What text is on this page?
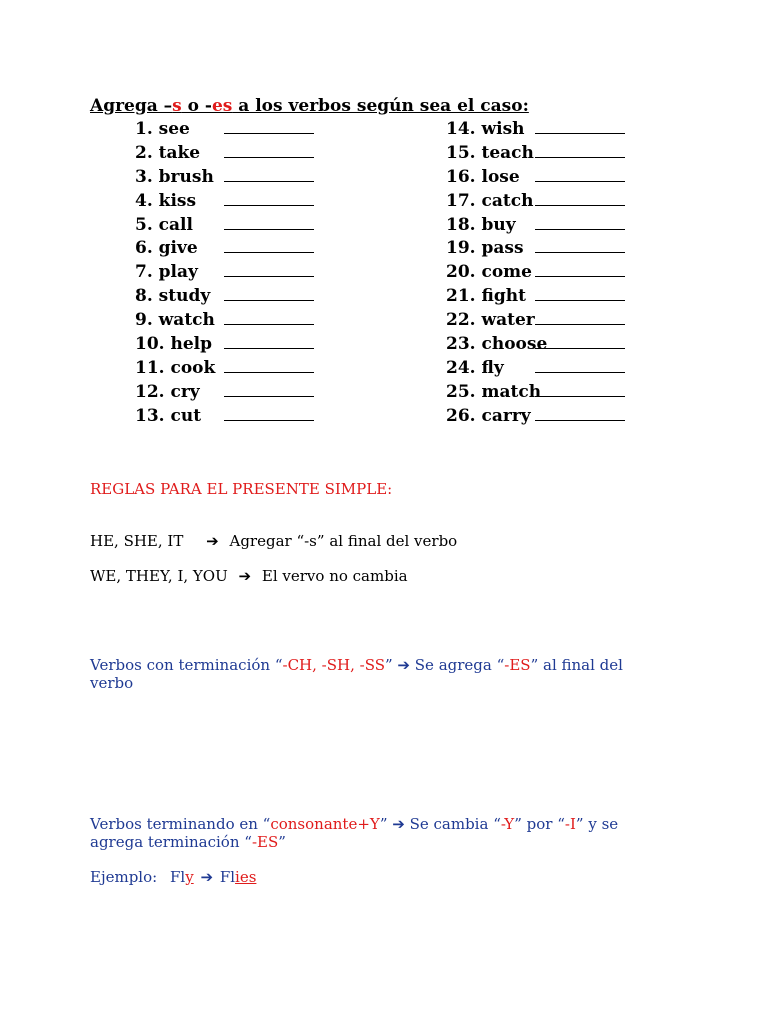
Agrega –s o -es a los verbos según sea el caso:
1. see
2. take
3. brush
4. kiss
5. call
6. give
7. play
8. study
9. watch
10. help
11. cook
12. cry
13. cut
14. wish
15. teach
16. lose
17. catch
18. buy
19. pass
20. come
21. fight
22. water
23. choose
24. fly
25. match
26. carry
REGLAS PARA EL PRESENTE SIMPLE:
HE, SHE, IT ➔ Agregar “-s” al final del verbo
WE, THEY, I, YOU ➔ El vervo no cambia
Verbos con terminación “-CH, -SH, -SS” ➔ Se agrega “-ES” al final del verbo
Verbos terminando en “consonante+Y” ➔ Se cambia “-Y” por “-I” y se agrega terminación “-ES”
Ejemplo: Fly ➔ Flies
